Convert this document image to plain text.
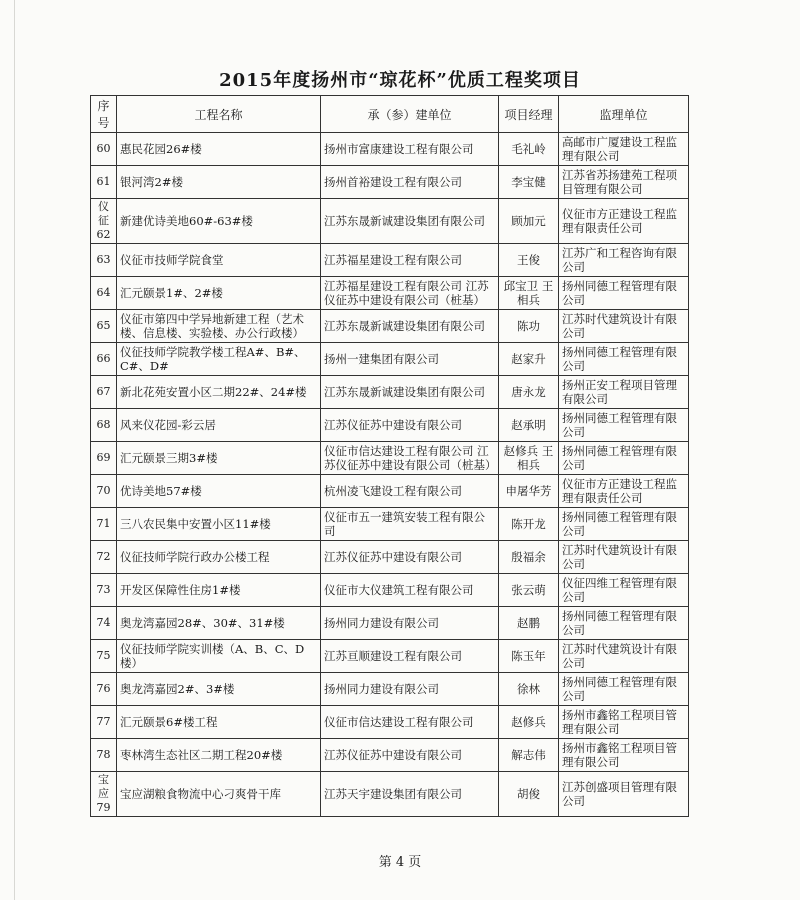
2015年度扬州市“琼花杯”优质工程奖项目
序号	工程名称	承（参）建单位	项目经理	监理单位
60	惠民花园26#楼	扬州市富康建设工程有限公司	毛礼岭	高邮市广厦建设工程监理有限公司
61	银河湾2#楼	扬州首裕建设工程有限公司	李宝健	江苏省苏扬建苑工程项目管理有限公司
仪征62	新建优诗美地60#-63#楼	江苏东晟新诚建设集团有限公司	顾加元	仪征市方正建设工程监理有限责任公司
63	仪征市技师学院食堂	江苏福星建设工程有限公司	王俊	江苏广和工程咨询有限公司
64	汇元颐景1#、2#楼	江苏福星建设工程有限公司 江苏仪征苏中建设有限公司（桩基）	邱宝卫 王相兵	扬州同德工程管理有限公司
65	仪征市第四中学异地新建工程（艺术楼、信息楼、实验楼、办公行政楼）	江苏东晟新诚建设集团有限公司	陈功	江苏时代建筑设计有限公司
66	仪征技师学院教学楼工程A#、B#、C#、D#	扬州一建集团有限公司	赵家升	扬州同德工程管理有限公司
67	新北花苑安置小区二期22#、24#楼	江苏东晟新诚建设集团有限公司	唐永龙	扬州正安工程项目管理有限公司
68	风来仪花园-彩云居	江苏仪征苏中建设有限公司	赵承明	扬州同德工程管理有限公司
69	汇元颐景三期3#楼	仪征市信达建设工程有限公司 江苏仪征苏中建设有限公司（桩基）	赵修兵 王相兵	扬州同德工程管理有限公司
70	优诗美地57#楼	杭州凌飞建设工程有限公司	申屠华芳	仪征市方正建设工程监理有限责任公司
71	三八农民集中安置小区11#楼	仪征市五一建筑安装工程有限公司	陈开龙	扬州同德工程管理有限公司
72	仪征技师学院行政办公楼工程	江苏仪征苏中建设有限公司	殷福余	江苏时代建筑设计有限公司
73	开发区保障性住房1#楼	仪征市大仪建筑工程有限公司	张云萌	仪征四维工程管理有限公司
74	奥龙湾嘉园28#、30#、31#楼	扬州同力建设有限公司	赵鹏	扬州同德工程管理有限公司
75	仪征技师学院实训楼（A、B、C、D楼）	江苏亘顺建设工程有限公司	陈玉年	江苏时代建筑设计有限公司
76	奥龙湾嘉园2#、3#楼	扬州同力建设有限公司	徐林	扬州同德工程管理有限公司
77	汇元颐景6#楼工程	仪征市信达建设工程有限公司	赵修兵	扬州市鑫铭工程项目管理有限公司
78	枣林湾生态社区二期工程20#楼	江苏仪征苏中建设有限公司	解志伟	扬州市鑫铭工程项目管理有限公司
宝应79	宝应湖粮食物流中心刁爽骨干库	江苏天宇建设集团有限公司	胡俊	江苏创盛项目管理有限公司
第 4 页
